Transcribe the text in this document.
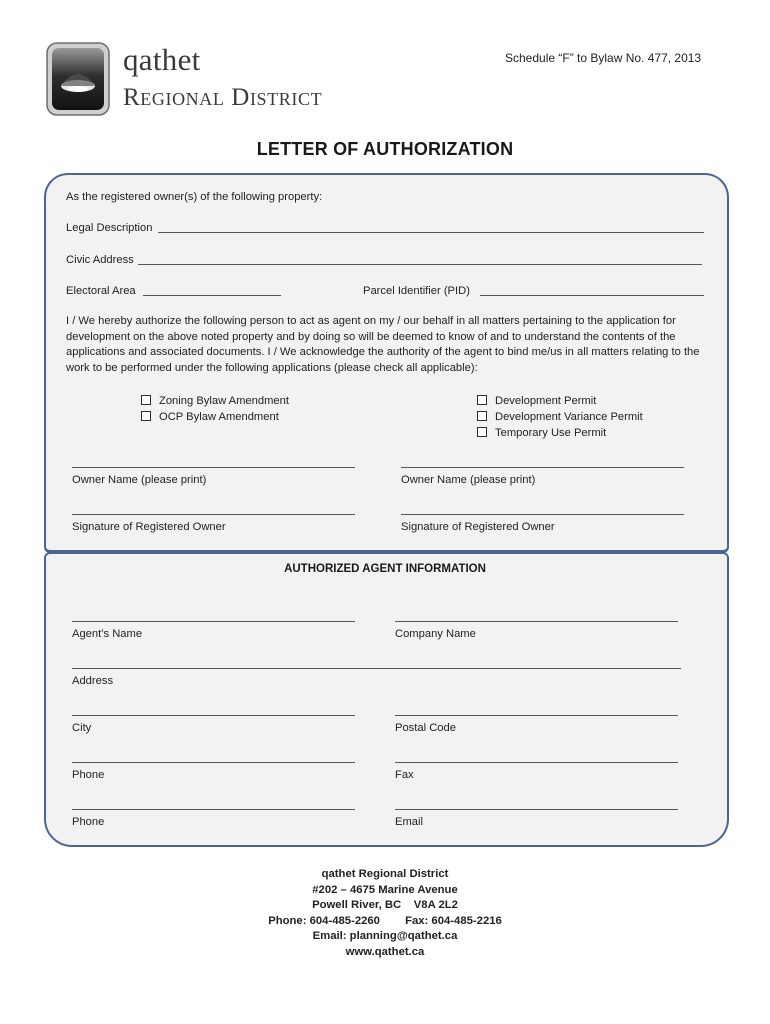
qathet
Regional District
Schedule “F” to Bylaw No. 477, 2013
LETTER OF AUTHORIZATION
As the registered owner(s) of the following property:
Legal Description
Civic Address
Electoral Area	Parcel Identifier (PID)
I / We hereby authorize the following person to act as agent on my / our behalf in all matters pertaining to the application for development on the above noted property and by doing so will be deemed to know of and to understand the contents of the applications and associated documents. I / We acknowledge the authority of the agent to bind me/us in all matters relating to the work to be performed under the following applications (please check all applicable):
Zoning Bylaw Amendment
OCP Bylaw Amendment
Development Permit
Development Variance Permit
Temporary Use Permit
Owner Name (please print)	Owner Name (please print)
Signature of Registered Owner	Signature of Registered Owner
AUTHORIZED AGENT INFORMATION
Agent’s Name	Company Name
Address
City	Postal Code
Phone	Fax
Phone	Email
qathet Regional District
#202 – 4675 Marine Avenue
Powell River, BC    V8A 2L2
Phone: 604-485-2260        Fax: 604-485-2216
Email: planning@qathet.ca
www.qathet.ca
